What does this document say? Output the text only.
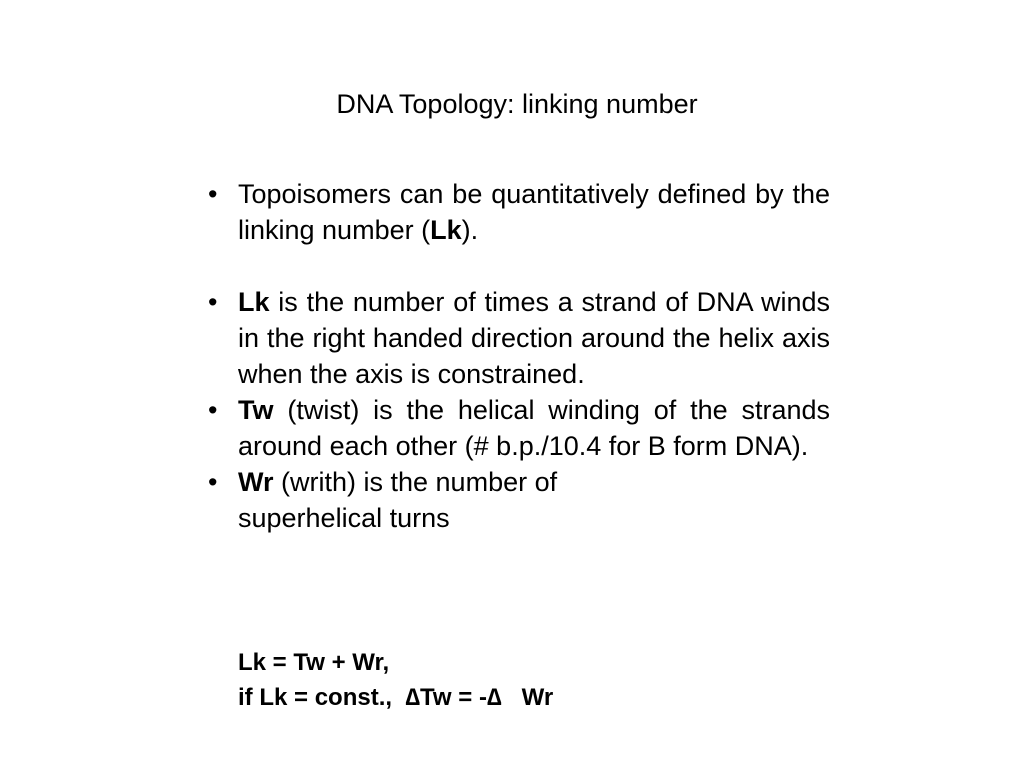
DNA Topology: linking number
• Topoisomers can be quantitatively defined by the linking number (Lk).
• Lk is the number of times a strand of DNA winds in the right handed direction around the helix axis when the axis is constrained.
• Tw (twist) is the helical winding of the strands around each other (# b.p./10.4 for B form DNA).
• Wr (writh) is the number of superhelical turns
Lk = Tw + Wr,
if Lk = const.,  ∆Tw = -∆   Wr
